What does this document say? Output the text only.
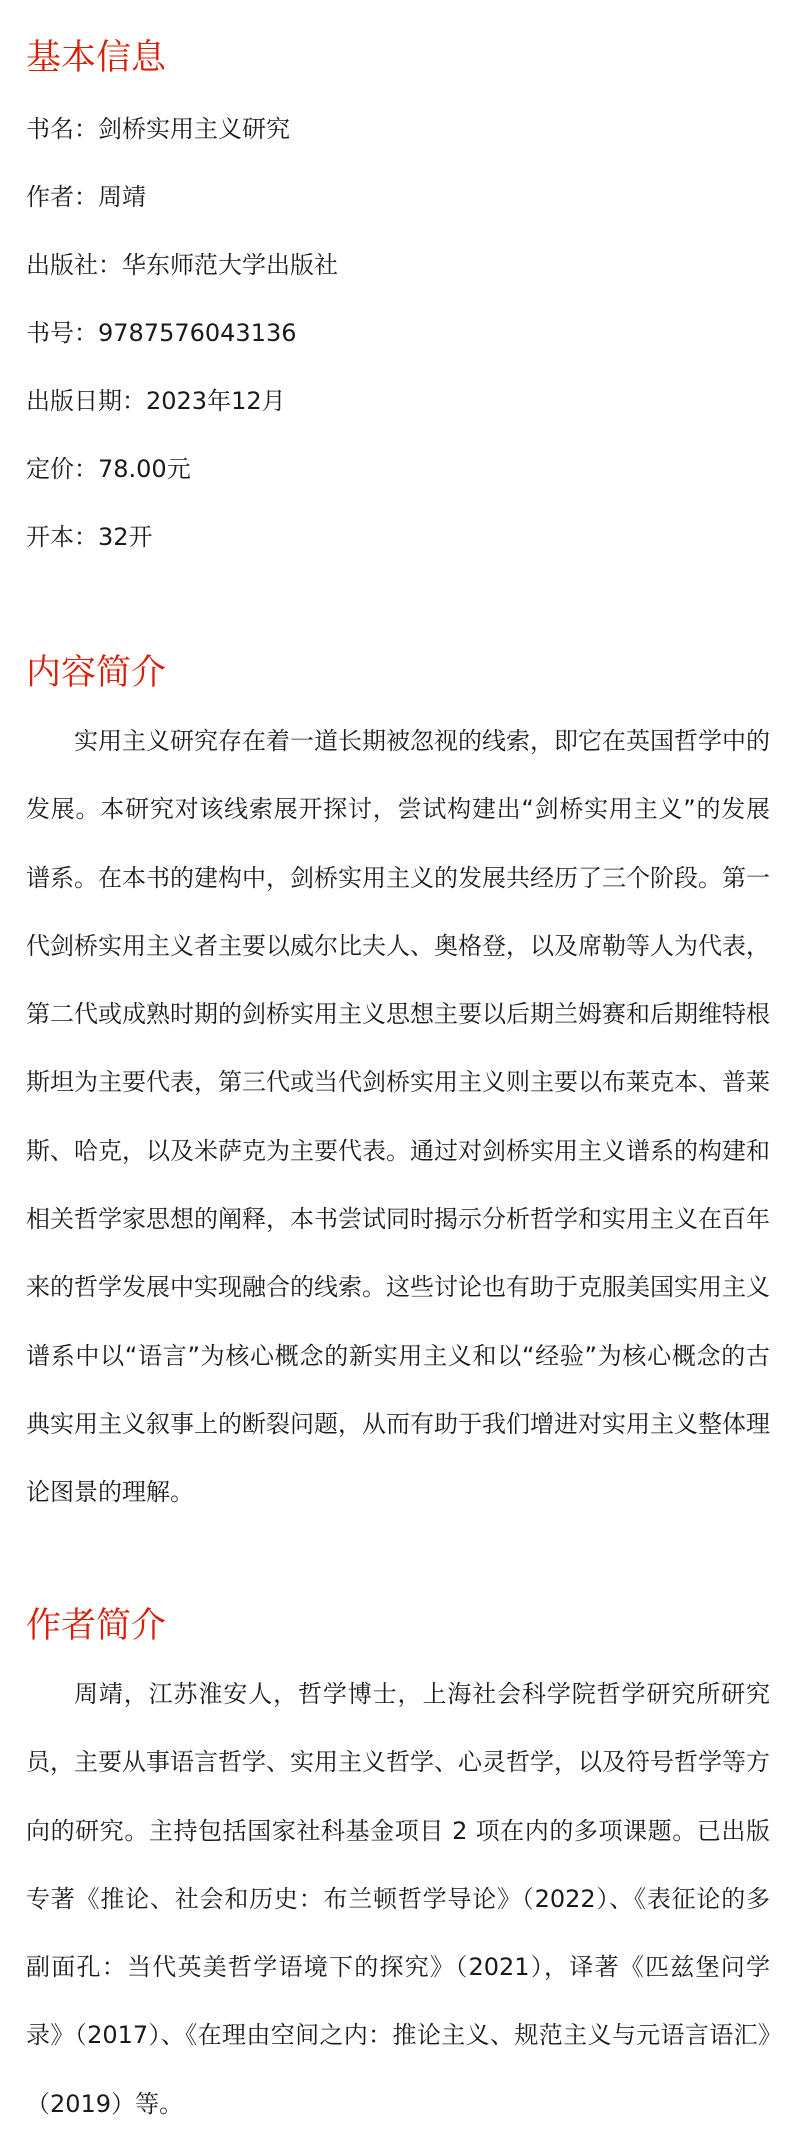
基本信息

书名：剑桥实用主义研究

作者：周靖

出版社：华东师范大学出版社

书号：9787576043136

出版日期：2023年12月

定价：78.00元

开本：32开

内容简介

实用主义研究存在着一道长期被忽视的线索，即它在英国哲学中的发展。本研究对该线索展开探讨，尝试构建出“剑桥实用主义”的发展谱系。在本书的建构中，剑桥实用主义的发展共经历了三个阶段。第一代剑桥实用主义者主要以威尔比夫人、奥格登，以及席勒等人为代表，第二代或成熟时期的剑桥实用主义思想主要以后期兰姆赛和后期维特根斯坦为主要代表，第三代或当代剑桥实用主义则主要以布莱克本、普莱斯、哈克，以及米萨克为主要代表。通过对剑桥实用主义谱系的构建和相关哲学家思想的阐释，本书尝试同时揭示分析哲学和实用主义在百年来的哲学发展中实现融合的线索。这些讨论也有助于克服美国实用主义谱系中以“语言”为核心概念的新实用主义和以“经验”为核心概念的古典实用主义叙事上的断裂问题，从而有助于我们增进对实用主义整体理论图景的理解。

作者简介

周靖，江苏淮安人，哲学博士，上海社会科学院哲学研究所研究员，主要从事语言哲学、实用主义哲学、心灵哲学，以及符号哲学等方向的研究。主持包括国家社科基金项目 2 项在内的多项课题。已出版专著《推论、社会和历史：布兰顿哲学导论》（2022）、《表征论的多副面孔：当代英美哲学语境下的探究》（2021），译著《匹兹堡问学录》（2017）、《在理由空间之内：推论主义、规范主义与元语言语汇》（2019）等。
